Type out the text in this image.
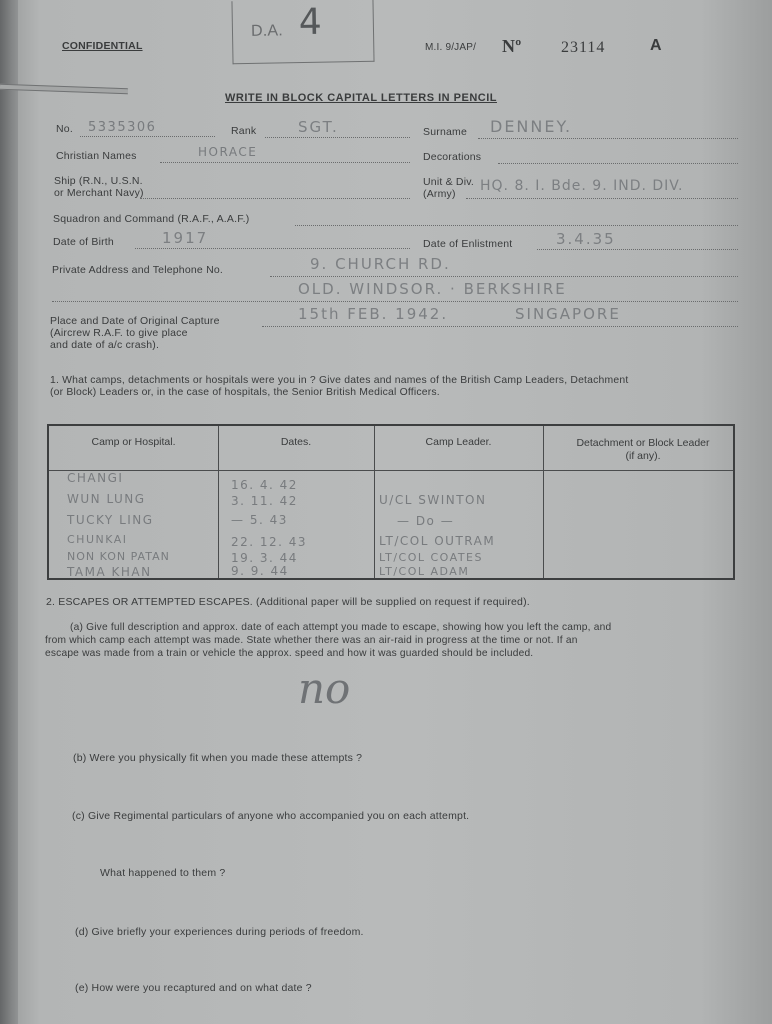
D.A. 4
CONFIDENTIAL	M.I. 9/JAP/ Nº 23114	A
WRITE IN BLOCK CAPITAL LETTERS IN PENCIL
No. 5335306	Rank	SGT.	Surname DENNEY.
Christian Names	HORACE	Decorations
Ship (R.N., U.S.N.
or Merchant Navy)
Unit & Div.
(Army) HQ. 8. I. Bde. 9. IND. DIV.
Squadron and Command (R.A.F., A.A.F.)
Date of Birth	1917	Date of Enlistment	3.4.35
Private Address and Telephone No.	9. CHURCH RD.
OLD. WINDSOR. · BERKSHIRE
Place and Date of Original Capture
(Aircrew R.A.F. to give place
and date of a/c crash).
15th FEB. 1942.	SINGAPORE
1. What camps, detachments or hospitals were you in ? Give dates and names of the British Camp Leaders, Detachment
(or Block) Leaders or, in the case of hospitals, the Senior British Medical Officers.
Camp or Hospital.	Dates.	Camp Leader.	Detachment or Block Leader (if any).
CHANGI	16. 4. 42
WUN LUNG	3. 11. 42	U/CL SWINTON
TUCKY LING	— 5. 43	— Do —
CHUNKAI	22. 12. 43	LT/COL OUTRAM
NON KON PATAN	19. 3. 44	LT/COL COATES
TAMA KHAN	9. 9. 44	LT/COL ADAM
2. ESCAPES OR ATTEMPTED ESCAPES. (Additional paper will be supplied on request if required).
(a) Give full description and approx. date of each attempt you made to escape, showing how you left the camp, and
from which camp each attempt was made. State whether there was an air-raid in progress at the time or not. If an
escape was made from a train or vehicle the approx. speed and how it was guarded should be included.
no
(b) Were you physically fit when you made these attempts ?
(c) Give Regimental particulars of anyone who accompanied you on each attempt.
What happened to them ?
(d) Give briefly your experiences during periods of freedom.
(e) How were you recaptured and on what date ?
